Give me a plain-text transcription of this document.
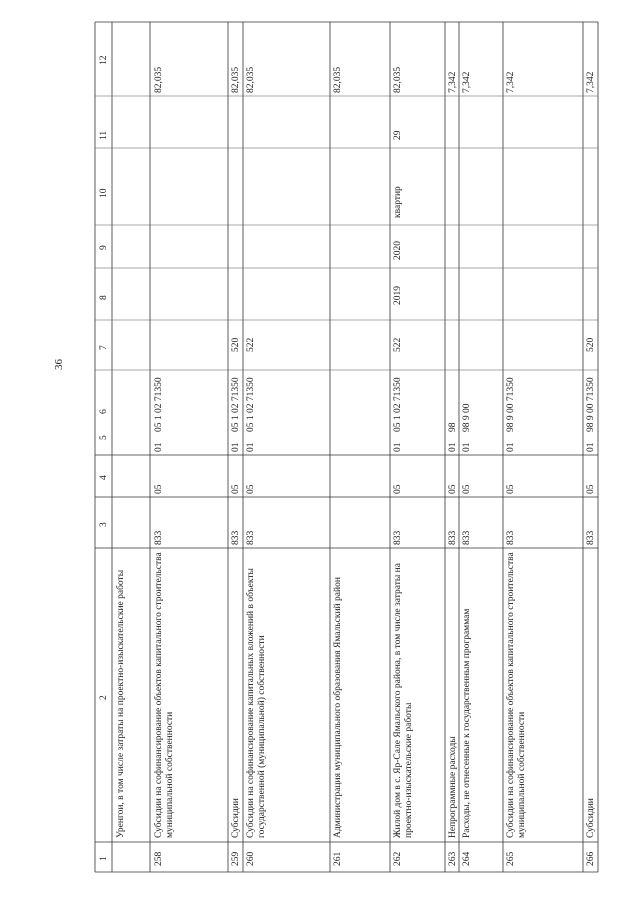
36
1
2
3
4
5
6
7
8
9
10
11
12
Уренгои, в том числе затраты на проектно-изыскательские работы
258
Субсидии на софинансирование объектов капитального строительства муниципальной собственности
833
05
01
05 1 02 71350
82,035
259
Субсидии
833
05
01
05 1 02 71350
520
82,035
260
Субсидии на софинансирование капитальных вложений в объекты государственной (муниципальной) собственности
833
05
01
05 1 02 71350
522
82,035
261
Администрация муниципального образования Ямальский район
82,035
262
Жилой дом в с. Яр-Сале Ямальского района, в том числе затраты на проектно-изыскательские работы
833
05
01
05 1 02 71350
522
2019
2020
квартир
29
82,035
263
Непрограммные расходы
833
05
01
98
7,342
264
Расходы, не отнесенные к государственным программам
833
05
01
98 9 00
7,342
265
Субсидии на софинансирование объектов капитального строительства муниципальной собственности
833
05
01
98 9 00 71350
7,342
266
Субсидии
833
05
01
98 9 00 71350
520
7,342
